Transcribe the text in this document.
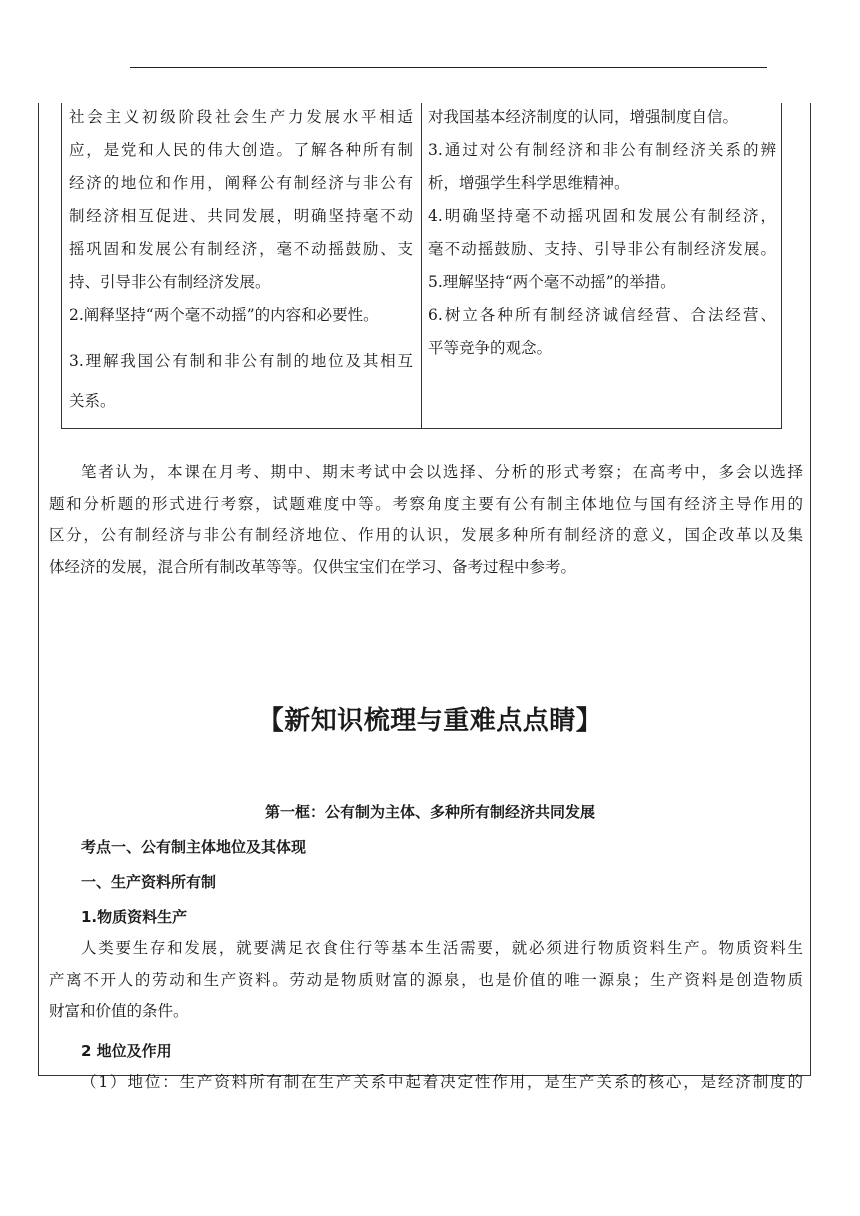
社会主义初级阶段社会生产力发展水平相适
应，是党和人民的伟大创造。了解各种所有制
经济的地位和作用，阐释公有制经济与非公有
制经济相互促进、共同发展，明确坚持毫不动
摇巩固和发展公有制经济，毫不动摇鼓励、支
持、引导非公有制经济发展。
2.阐释坚持“两个毫不动摇”的内容和必要性。
3.理解我国公有制和非公有制的地位及其相互
关系。
对我国基本经济制度的认同，增强制度自信。
3.通过对公有制经济和非公有制经济关系的辨
析，增强学生科学思维精神。
4.明确坚持毫不动摇巩固和发展公有制经济，
毫不动摇鼓励、支持、引导非公有制经济发展。
5.理解坚持“两个毫不动摇”的举措。
6.树立各种所有制经济诚信经营、合法经营、
平等竞争的观念。
笔者认为，本课在月考、期中、期末考试中会以选择、分析的形式考察；在高考中，多会以选择
题和分析题的形式进行考察，试题难度中等。考察角度主要有公有制主体地位与国有经济主导作用的
区分，公有制经济与非公有制经济地位、作用的认识，发展多种所有制经济的意义，国企改革以及集
体经济的发展，混合所有制改革等等。仅供宝宝们在学习、备考过程中参考。
【新知识梳理与重难点点睛】
第一框：公有制为主体、多种所有制经济共同发展
考点一、公有制主体地位及其体现
一、生产资料所有制
1.物质资料生产
人类要生存和发展，就要满足衣食住行等基本生活需要，就必须进行物质资料生产。物质资料生
产离不开人的劳动和生产资料。劳动是物质财富的源泉，也是价值的唯一源泉；生产资料是创造物质
财富和价值的条件。
2 地位及作用
（1）地位：生产资料所有制在生产关系中起着决定性作用，是生产关系的核心，是经济制度的
